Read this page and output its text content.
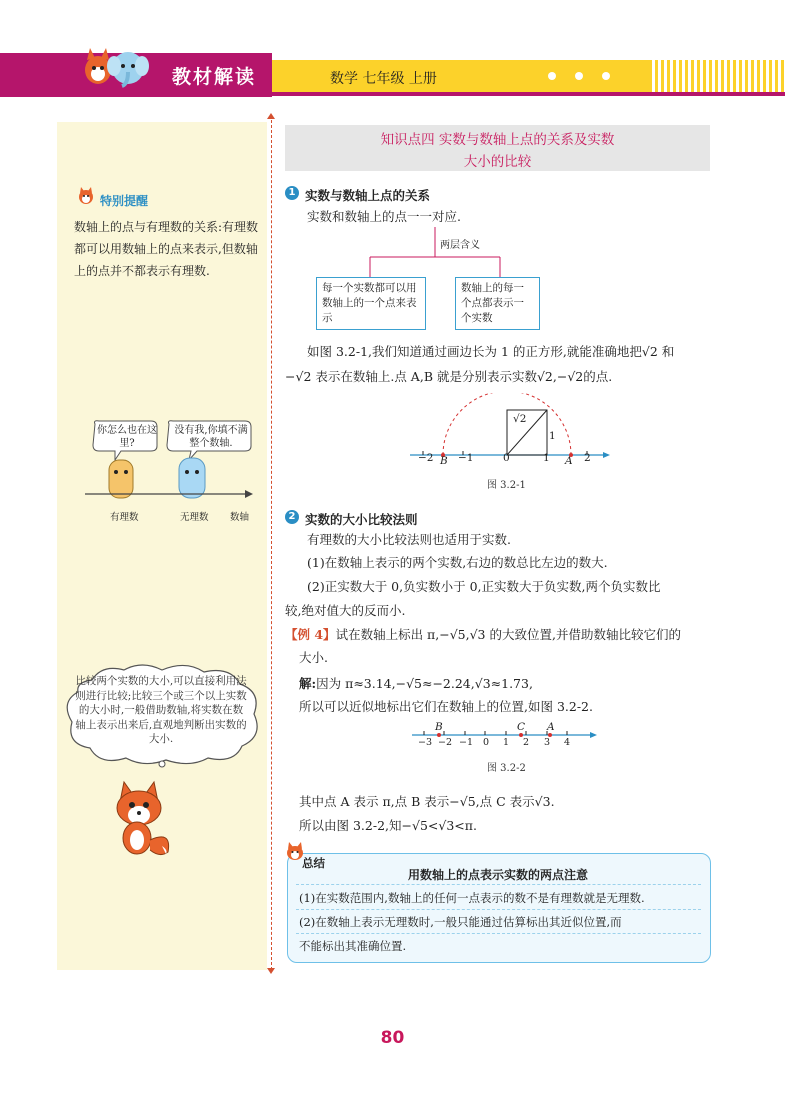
教材解读	数学 七年级 上册
特别提醒
数轴上的点与有理数的关系:有理数都可以用数轴上的点来表示,但数轴上的点并不都表示有理数.
你怎么也在这里?
没有我,你填不满整个数轴.
有理数	无理数 数轴
比较两个实数的大小,可以直接利用法则进行比较;比较三个或三个以上实数的大小时,一般借助数轴,将实数在数轴上表示出来后,直观地判断出实数的大小.
知识点四 实数与数轴上点的关系及实数
大小的比较
1 实数与数轴上点的关系
实数和数轴上的点一一对应.
两层含义
每一个实数都可以用数轴上的一个点来表示
数轴上的每一个点都表示一个实数
如图 3.2-1,我们知道通过画边长为 1 的正方形,就能准确地把√2 和
−√2 表示在数轴上.点 A,B 就是分别表示实数√2,−√2的点.
−2 −1	0	1	2
B	A
√2
1
图 3.2-1
2 实数的大小比较法则
有理数的大小比较法则也适用于实数.
(1)在数轴上表示的两个实数,右边的数总比左边的数大.
(2)正实数大于 0,负实数小于 0,正实数大于负实数,两个负实数比
较,绝对值大的反而小.
【例 4】试在数轴上标出 π,−√5,√3 的大致位置,并借助数轴比较它们的
大小.
解:因为 π≈3.14,−√5≈−2.24,√3≈1.73,
所以可以近似地标出它们在数轴上的位置,如图 3.2-2.
B	C A
−3 −2 −1 0 1 2 3 4
图 3.2-2
其中点 A 表示 π,点 B 表示−√5,点 C 表示√3.
所以由图 3.2-2,知−√5<√3<π.
总结
用数轴上的点表示实数的两点注意
(1)在实数范围内,数轴上的任何一点表示的数不是有理数就是无理数.
(2)在数轴上表示无理数时,一般只能通过估算标出其近似位置,而
不能标出其准确位置.
80
